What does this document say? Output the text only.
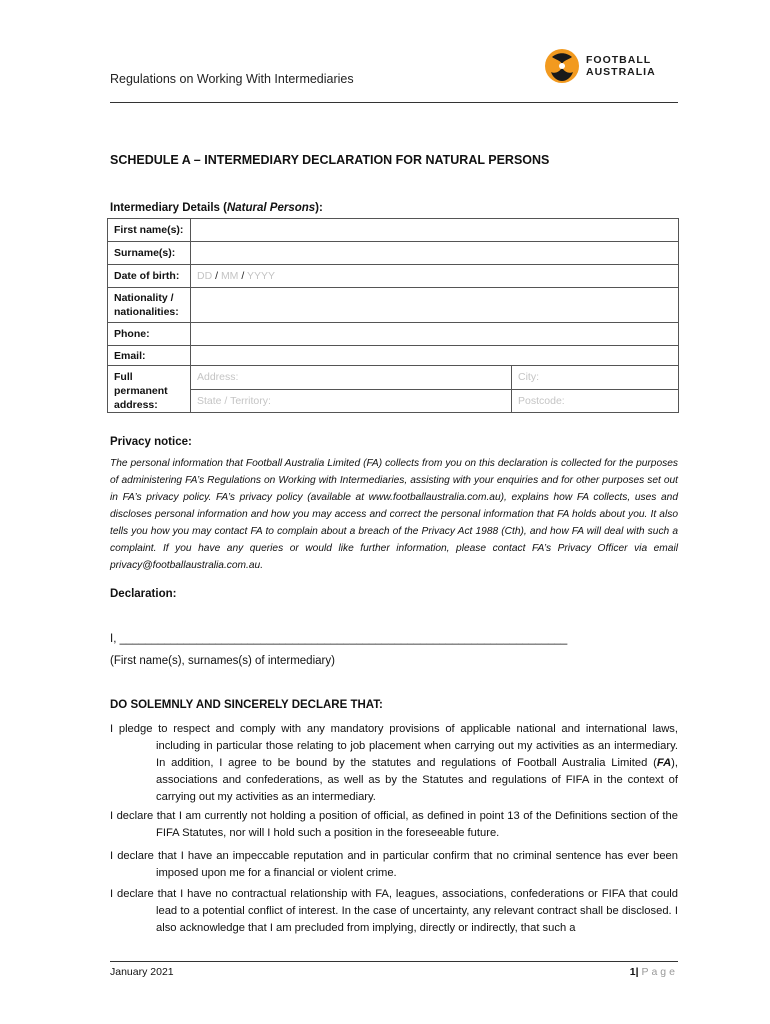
Regulations on Working With Intermediaries
FOOTBALL
AUSTRALIA
SCHEDULE A – INTERMEDIARY DECLARATION FOR NATURAL PERSONS
Intermediary Details (Natural Persons):
First name(s):		
Surname(s):		
Date of birth:	DD / MM / YYYY	
Nationality / nationalities:		
Phone:		
Email:		
Full permanent address:	Address:	City:
	State / Territory:	Postcode:
Privacy notice:
The personal information that Football Australia Limited (FA) collects from you on this declaration is collected for the purposes of administering FA’s Regulations on Working with Intermediaries, assisting with your enquiries and for other purposes set out in FA’s privacy policy. FA’s privacy policy (available at www.footballaustralia.com.au), explains how FA collects, uses and discloses personal information and how you may access and correct the personal information that FA holds about you. It also tells you how you may contact FA to complain about a breach of the Privacy Act 1988 (Cth), and how FA will deal with such a complaint. If you have any queries or would like further information, please contact FA’s Privacy Officer via email privacy@footballaustralia.com.au.
Declaration:
I, ______________________________________________________________________
(First name(s), surnames(s) of intermediary)
DO SOLEMNLY AND SINCERELY DECLARE THAT:
I pledge to respect and comply with any mandatory provisions of applicable national and international laws, including in particular those relating to job placement when carrying out my activities as an intermediary. In addition, I agree to be bound by the statutes and regulations of Football Australia Limited (FA), associations and confederations, as well as by the Statutes and regulations of FIFA in the context of carrying out my activities as an intermediary.
I declare that I am currently not holding a position of official, as defined in point 13 of the Definitions section of the FIFA Statutes, nor will I hold such a position in the foreseeable future.
I declare that I have an impeccable reputation and in particular confirm that no criminal sentence has ever been imposed upon me for a financial or violent crime.
I declare that I have no contractual relationship with FA, leagues, associations, confederations or FIFA that could lead to a potential conflict of interest. In the case of uncertainty, any relevant contract shall be disclosed. I also acknowledge that I am precluded from implying, directly or indirectly, that such a
January 2021	1| Page
